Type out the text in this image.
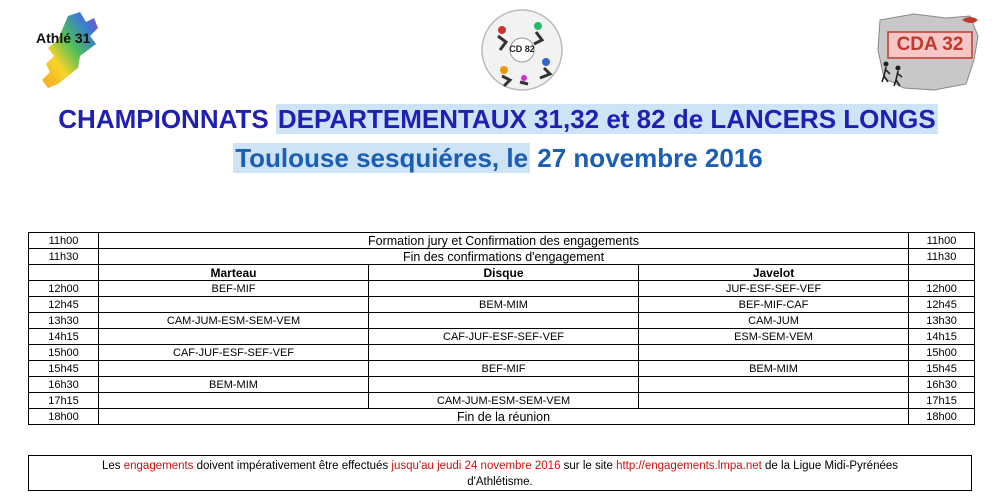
Athlé 31
CD 82	CDA 32
CHAMPIONNATS DEPARTEMENTAUX 31,32 et 82 de LANCERS LONGS
Toulouse sesquiéres, le 27 novembre 2016
11h00	Formation jury et Confirmation des engagements			11h00
11h30	Fin des confirmations d'engagement			11h30
	Marteau	Disque	Javelot	
12h00	BEF-MIF		JUF-ESF-SEF-VEF	12h00
12h45		BEM-MIM	BEF-MIF-CAF	12h45
13h30	CAM-JUM-ESM-SEM-VEM		CAM-JUM	13h30
14h15		CAF-JUF-ESF-SEF-VEF	ESM-SEM-VEM	14h15
15h00	CAF-JUF-ESF-SEF-VEF			15h00
15h45		BEF-MIF	BEM-MIM	15h45
16h30	BEM-MIM			16h30
17h15		CAM-JUM-ESM-SEM-VEM		17h15
18h00	Fin de la réunion			18h00
Les engagements doivent impérativement être effectués jusqu'au jeudi 24 novembre 2016 sur le site http://engagements.lmpa.net de la Ligue Midi-Pyrénées
d'Athlétisme.
